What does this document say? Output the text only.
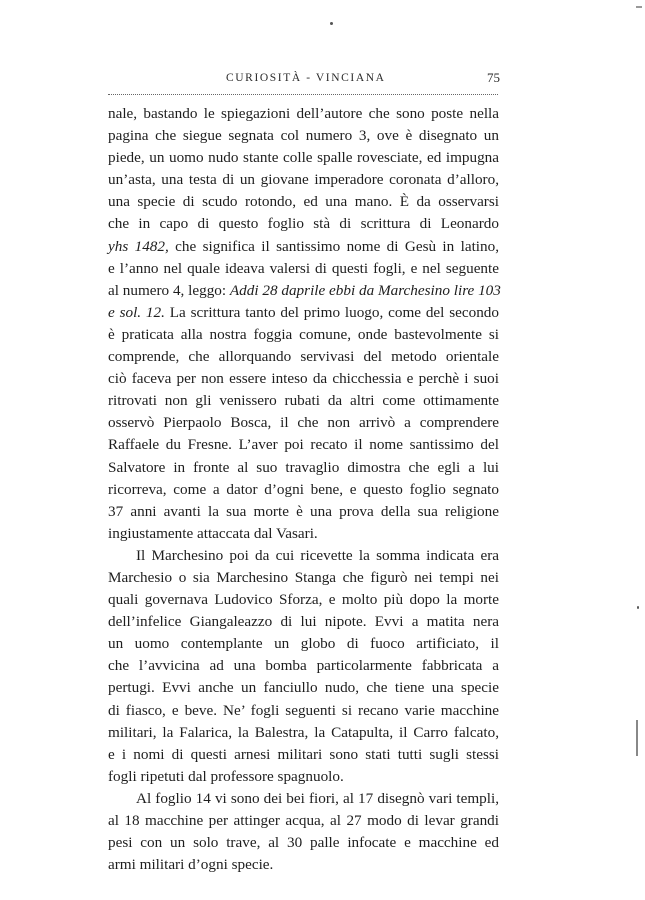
CURIOSITÀ - VINCIANA	75
nale, bastando le spiegazioni dell’autore che sono poste nella
pagina che siegue segnata col numero 3, ove è disegnato un
piede, un uomo nudo stante colle spalle rovesciate, ed impugna
un’asta, una testa di un giovane imperadore coronata d’alloro,
una specie di scudo rotondo, ed una mano. È da osservarsi
che in capo di questo foglio stà di scrittura di Leonardo
yhs 1482, che significa il santissimo nome di Gesù in latino,
e l’anno nel quale ideava valersi di questi fogli, e nel seguente
al numero 4, leggo: Addi 28 daprile ebbi da Marchesino lire 103
e sol. 12. La scrittura tanto del primo luogo, come del secondo
è praticata alla nostra foggia comune, onde bastevolmente si
comprende, che allorquando servivasi del metodo orientale
ciò faceva per non essere inteso da chicchessia e perchè i suoi
ritrovati non gli venissero rubati da altri come ottimamente
osservò Pierpaolo Bosca, il che non arrivò a comprendere
Raffaele du Fresne. L’aver poi recato il nome santissimo del
Salvatore in fronte al suo travaglio dimostra che egli a lui
ricorreva, come a dator d’ogni bene, e questo foglio segnato
37 anni avanti la sua morte è una prova della sua religione
ingiustamente attaccata dal Vasari.
Il Marchesino poi da cui ricevette la somma indicata era
Marchesio o sia Marchesino Stanga che figurò nei tempi nei
quali governava Ludovico Sforza, e molto più dopo la morte
dell’infelice Giangaleazzo di lui nipote. Evvi a matita nera
un uomo contemplante un globo di fuoco artificiato, il
che l’avvicina ad una bomba particolarmente fabbricata a
pertugi. Evvi anche un fanciullo nudo, che tiene una specie
di fiasco, e beve. Ne’ fogli seguenti si recano varie macchine
militari, la Falarica, la Balestra, la Catapulta, il Carro falcato,
e i nomi di questi arnesi militari sono stati tutti sugli stessi
fogli ripetuti dal professore spagnuolo.
Al foglio 14 vi sono dei bei fiori, al 17 disegnò vari templi,
al 18 macchine per attinger acqua, al 27 modo di levar grandi
pesi con un solo trave, al 30 palle infocate e macchine ed
armi militari d’ogni specie.
